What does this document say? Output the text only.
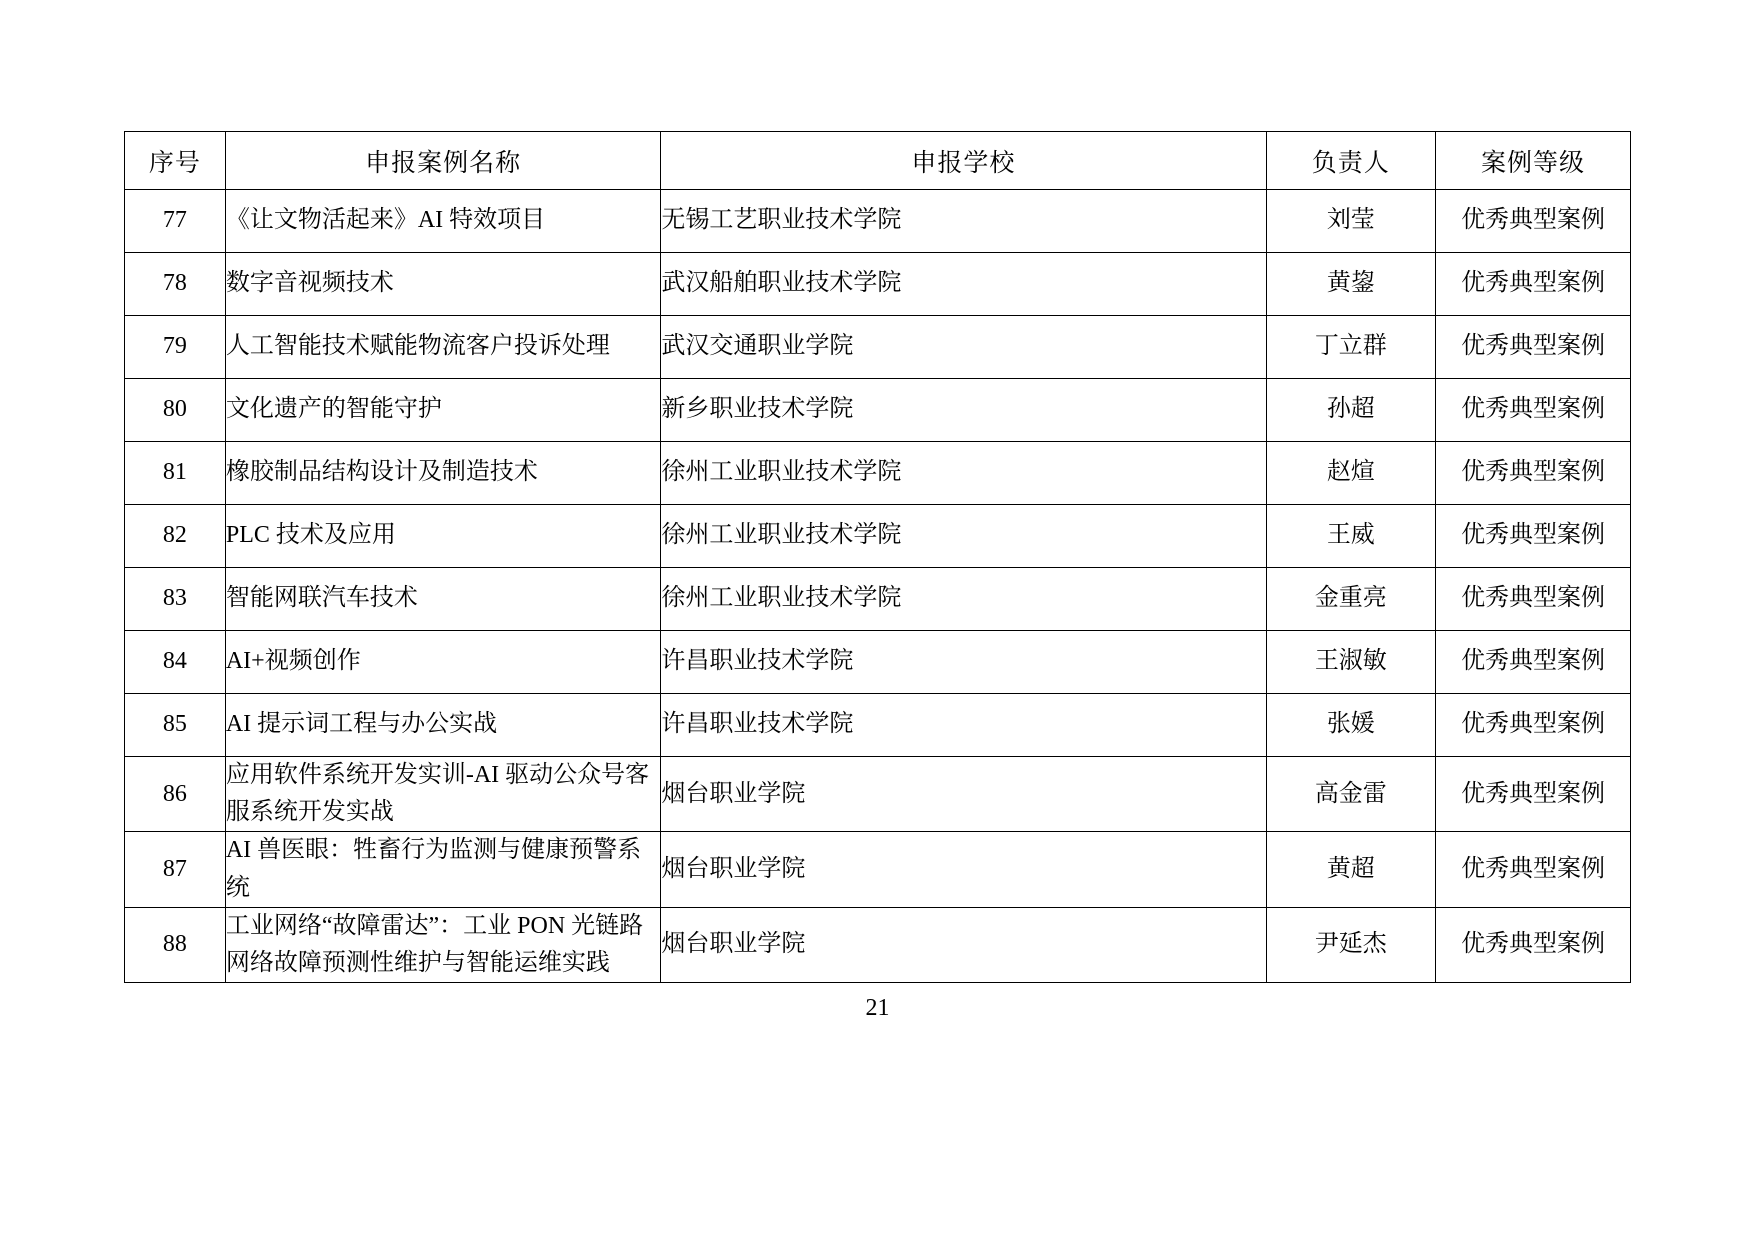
序号	申报案例名称	申报学校	负责人	案例等级
77	《让文物活起来》AI 特效项目	无锡工艺职业技术学院	刘莹	优秀典型案例
78	数字音视频技术	武汉船舶职业技术学院	黄鋆	优秀典型案例
79	人工智能技术赋能物流客户投诉处理	武汉交通职业学院	丁立群	优秀典型案例
80	文化遗产的智能守护	新乡职业技术学院	孙超	优秀典型案例
81	橡胶制品结构设计及制造技术	徐州工业职业技术学院	赵煊	优秀典型案例
82	PLC 技术及应用	徐州工业职业技术学院	王威	优秀典型案例
83	智能网联汽车技术	徐州工业职业技术学院	金重亮	优秀典型案例
84	AI+视频创作	许昌职业技术学院	王淑敏	优秀典型案例
85	AI 提示词工程与办公实战	许昌职业技术学院	张媛	优秀典型案例
86	应用软件系统开发实训-AI 驱动公众号客服系统开发实战	烟台职业学院	高金雷	优秀典型案例
87	AI 兽医眼：牲畜行为监测与健康预警系统	烟台职业学院	黄超	优秀典型案例
88	工业网络“故障雷达”：工业 PON 光链路网络故障预测性维护与智能运维实践	烟台职业学院	尹延杰	优秀典型案例
21
